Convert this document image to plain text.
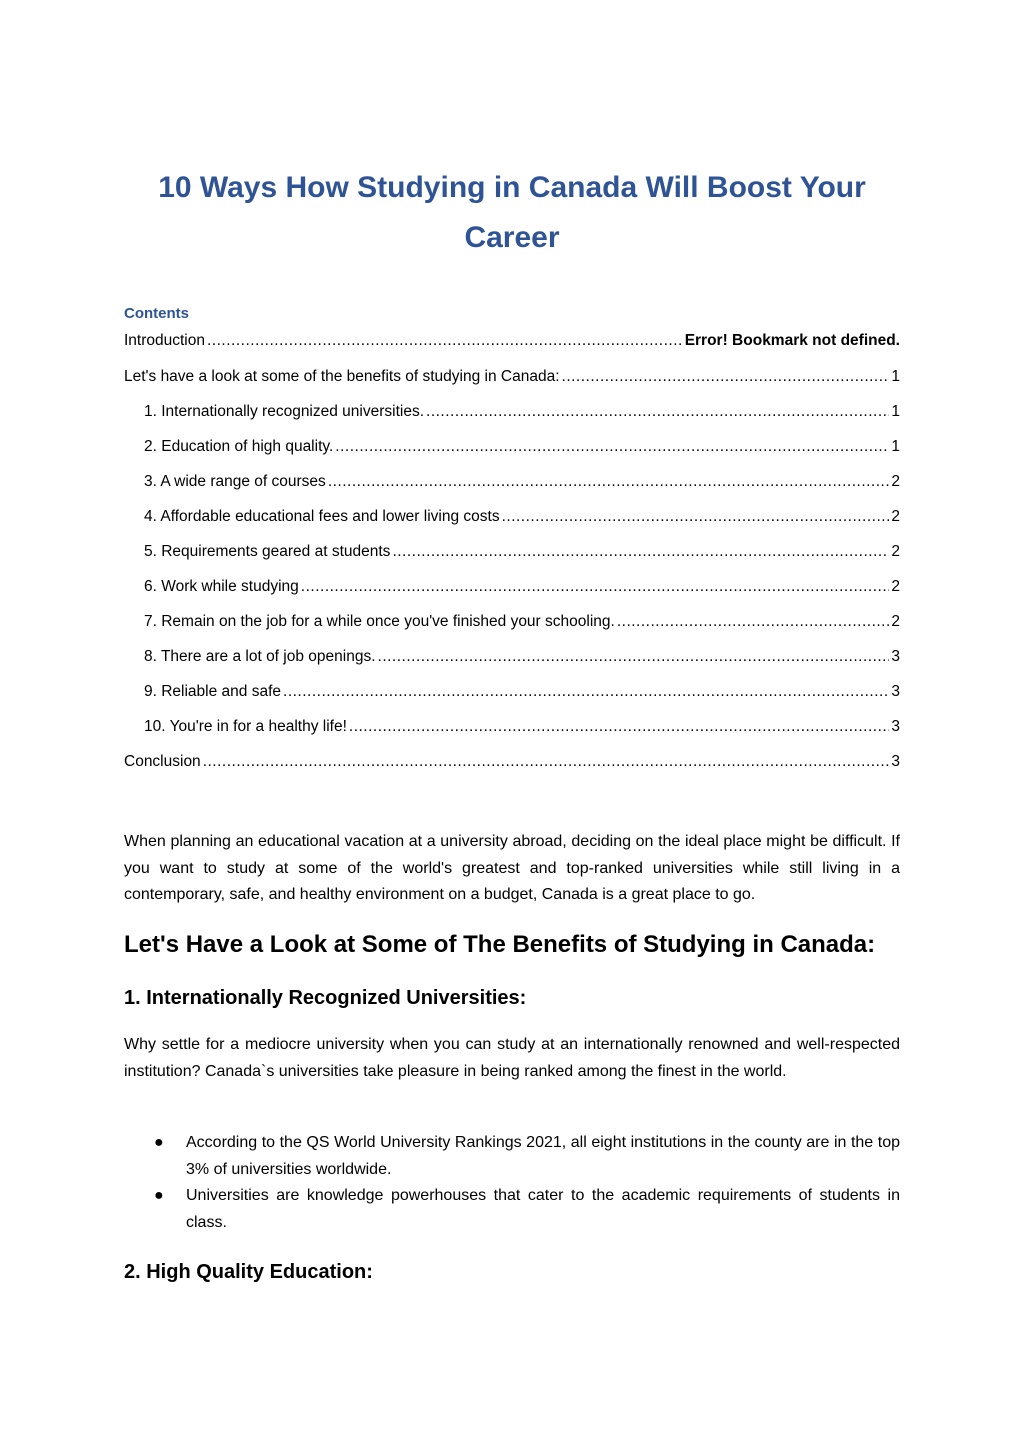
10 Ways How Studying in Canada Will Boost Your Career

Contents

Introduction .....	Error! Bookmark not defined.
Let's have a look at some of the benefits of studying in Canada: .....	1
1. Internationally recognized universities. .....	1
2. Education of high quality. .....	1
3. A wide range of courses .....	2
4. Affordable educational fees and lower living costs .....	2
5. Requirements geared at students .....	2
6. Work while studying .....	2
7. Remain on the job for a while once you've finished your schooling. .....	2
8. There are a lot of job openings. .....	3
9. Reliable and safe .....	3
10. You're in for a healthy life! .....	3
Conclusion .....	3

When planning an educational vacation at a university abroad, deciding on the ideal place might be difficult. If you want to study at some of the world's greatest and top-ranked universities while still living in a contemporary, safe, and healthy environment on a budget, Canada is a great place to go.

Let's Have a Look at Some of The Benefits of Studying in Canada:
1. Internationally Recognized Universities:

Why settle for a mediocre university when you can study at an internationally renowned and well-respected institution? Canada`s universities take pleasure in being ranked among the finest in the world.

● According to the QS World University Rankings 2021, all eight institutions in the county are in the top 3% of universities worldwide.
● Universities are knowledge powerhouses that cater to the academic requirements of students in class.
2. High Quality Education:
